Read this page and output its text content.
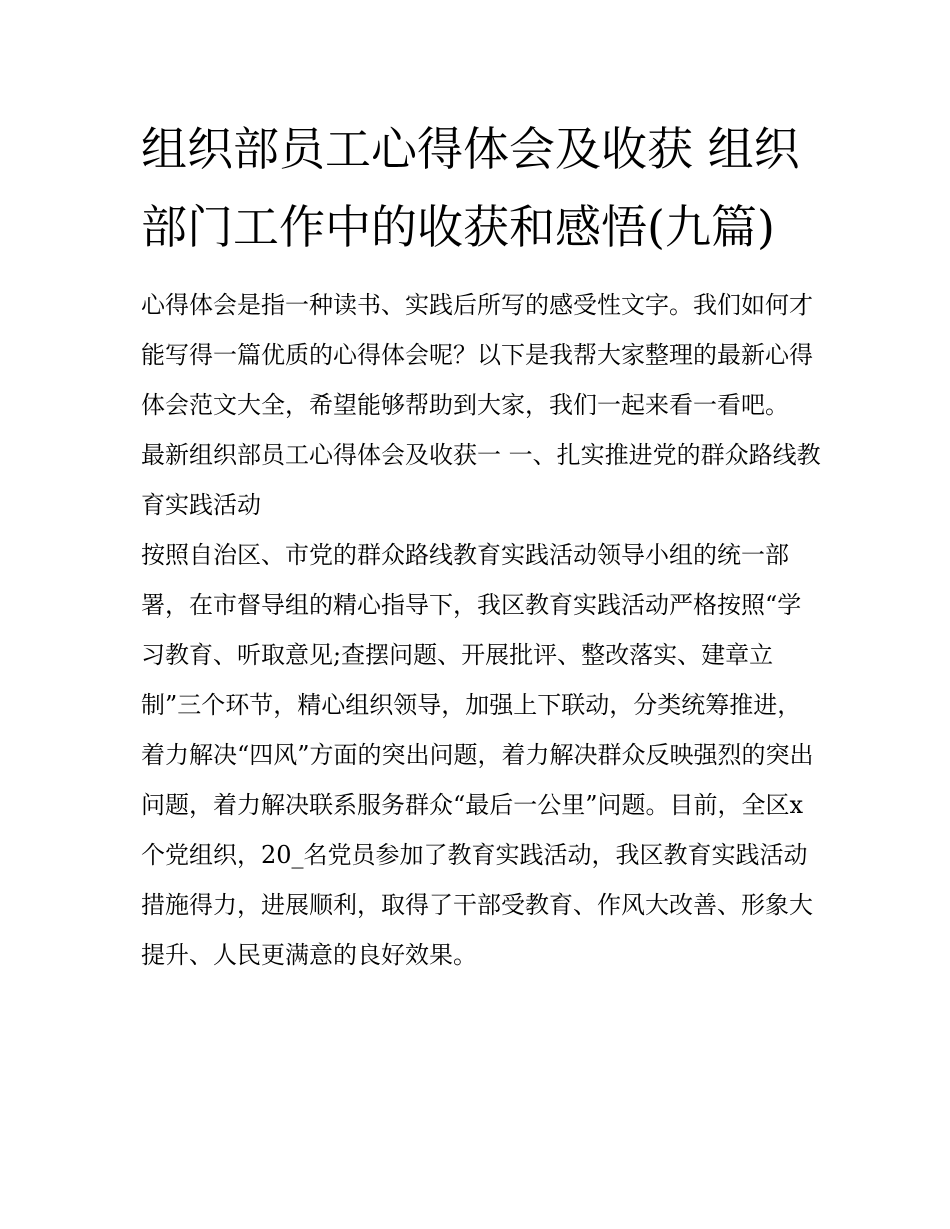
组织部员工心得体会及收获 组织部门工作中的收获和感悟(九篇)

心得体会是指一种读书、实践后所写的感受性文字。我们如何才能写得一篇优质的心得体会呢？以下是我帮大家整理的最新心得体会范文大全，希望能够帮助到大家，我们一起来看一看吧。

最新组织部员工心得体会及收获一 一、扎实推进党的群众路线教育实践活动

按照自治区、市党的群众路线教育实践活动领导小组的统一部署，在市督导组的精心指导下，我区教育实践活动严格按照“学习教育、听取意见;查摆问题、开展批评、整改落实、建章立制”三个环节，精心组织领导，加强上下联动，分类统筹推进，着力解决“四风”方面的突出问题，着力解决群众反映强烈的突出问题，着力解决联系服务群众“最后一公里”问题。目前，全区x个党组织，20_名党员参加了教育实践活动，我区教育实践活动措施得力，进展顺利，取得了干部受教育、作风大改善、形象大提升、人民更满意的良好效果。
